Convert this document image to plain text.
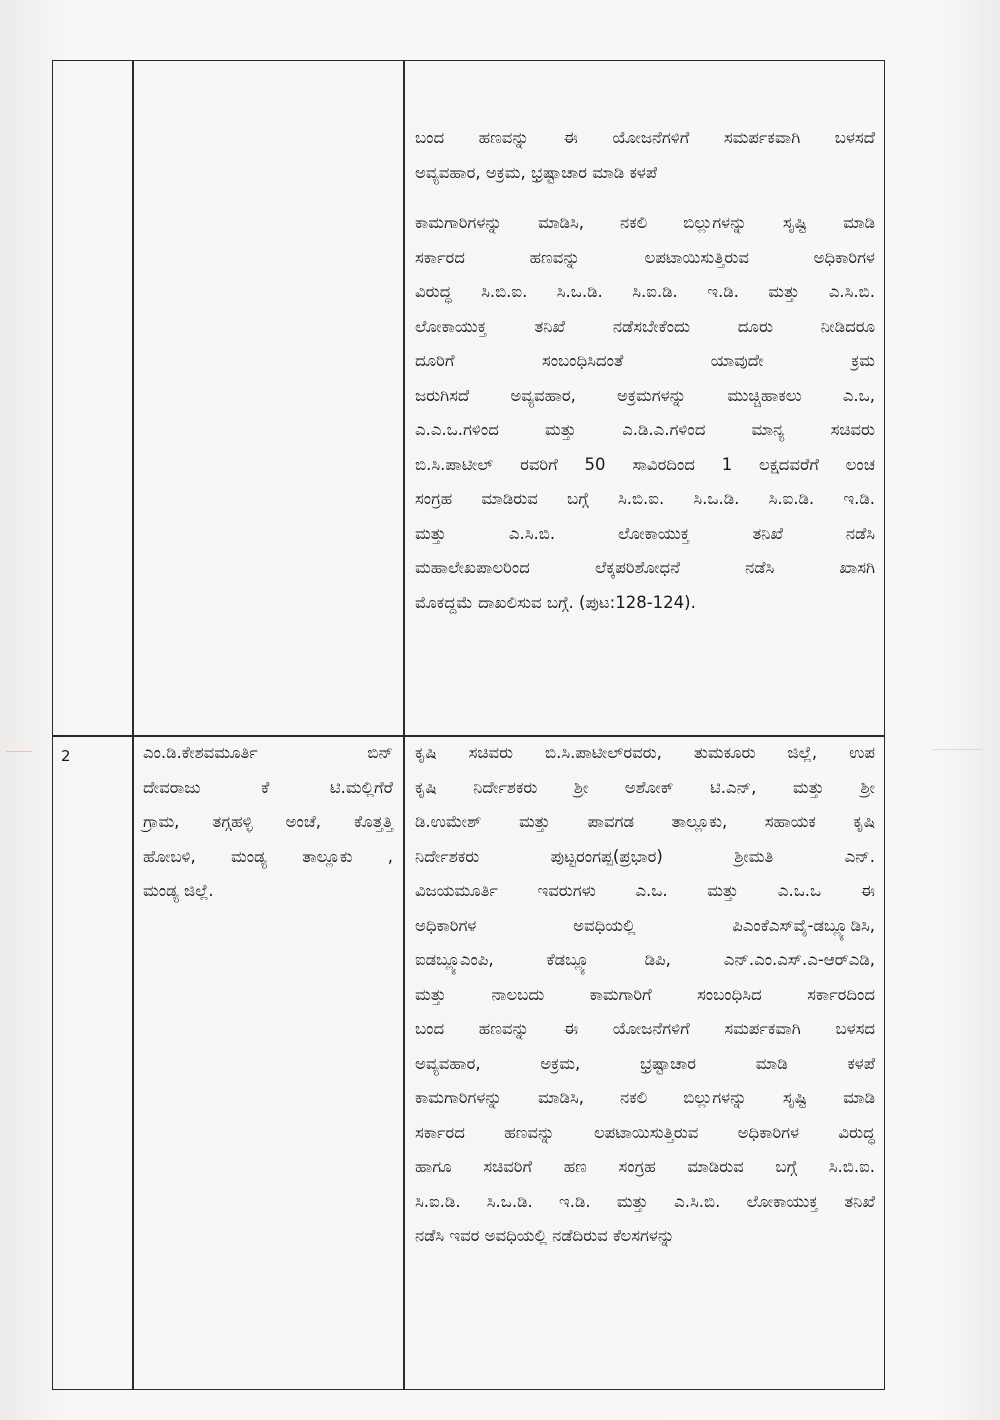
ಬಂದ ಹಣವನ್ನು ಈ ಯೋಜನೆಗಳಿಗೆ ಸಮರ್ಪಕವಾಗಿ ಬಳಸದೆ

ಅವ್ಯವಹಾರ, ಅಕ್ರಮ, ಭ್ರಷ್ಟಾಚಾರ ಮಾಡಿ ಕಳಪೆ

ಕಾಮಗಾರಿಗಳನ್ನು ಮಾಡಿಸಿ, ನಕಲಿ ಬಿಲ್ಲುಗಳನ್ನು ಸೃಷ್ಟಿ ಮಾಡಿ

ಸರ್ಕಾರದ ಹಣವನ್ನು ಲಪಟಾಯಿಸುತ್ತಿರುವ ಅಧಿಕಾರಿಗಳ

ವಿರುದ್ಧ ಸಿ.ಬಿ.ಐ. ಸಿ.ಒ.ಡಿ. ಸಿ.ಐ.ಡಿ. ಇ.ಡಿ. ಮತ್ತು ಎ.ಸಿ.ಬಿ.

ಲೋಕಾಯುಕ್ತ ತನಿಖೆ ನಡೆಸಬೇಕೆಂದು ದೂರು ನೀಡಿದರೂ

ದೂರಿಗೆ ಸಂಬಂಧಿಸಿದಂತೆ ಯಾವುದೇ ಕ್ರಮ

ಜರುಗಿಸದೆ ಅವ್ಯವಹಾರ, ಅಕ್ರಮಗಳನ್ನು ಮುಚ್ಚಿಹಾಕಲು ಎ.ಒ,

ಎ.ಎ.ಒ.ಗಳಿಂದ ಮತ್ತು ಎ.ಡಿ.ಎ.ಗಳಿಂದ ಮಾನ್ಯ ಸಚಿವರು

ಬಿ.ಸಿ.ಪಾಟೀಲ್ ರವರಿಗೆ 50 ಸಾವಿರದಿಂದ 1 ಲಕ್ಷದವರೆಗೆ ಲಂಚ

ಸಂಗ್ರಹ ಮಾಡಿರುವ ಬಗ್ಗೆ ಸಿ.ಬಿ.ಐ. ಸಿ.ಒ.ಡಿ. ಸಿ.ಐ.ಡಿ. ಇ.ಡಿ.

ಮತ್ತು ಎ.ಸಿ.ಬಿ. ಲೋಕಾಯುಕ್ತ ತನಿಖೆ ನಡೆಸಿ

ಮಹಾಲೇಖಪಾಲರಿಂದ ಲೆಕ್ಕಪರಿಶೋಧನೆ ನಡೆಸಿ ಖಾಸಗಿ

ಮೊಕದ್ದಮೆ ದಾಖಲಿಸುವ ಬಗ್ಗೆ. (ಪುಟ:128-124).

2	ಎಂ.ಡಿ.ಕೇಶವಮೂರ್ತಿ ಬಿನ್

ದೇವರಾಜು ಕೆ ಟಿ.ಮಲ್ಲಿಗೆರೆ

ಗ್ರಾಮ, ತಗ್ಗಹಳ್ಳಿ ಅಂಚೆ, ಕೊತ್ತತ್ತಿ

ಹೋಬಳಿ, ಮಂಡ್ಯ ತಾಲ್ಲೂಕು ,

ಮಂಡ್ಯ ಜಿಲ್ಲೆ.

ಕೃಷಿ ಸಚಿವರು ಬಿ.ಸಿ.ಪಾಟೀಲ್‌ರವರು, ತುಮಕೂರು ಜಿಲ್ಲೆ, ಉಪ

ಕೃಷಿ ನಿರ್ದೇಶಕರು ಶ್ರೀ ಅಶೋಕ್ ಟಿ.ಎನ್, ಮತ್ತು ಶ್ರೀ

ಡಿ.ಉಮೇಶ್ ಮತ್ತು ಪಾವಗಡ ತಾಲ್ಲೂಕು, ಸಹಾಯಕ ಕೃಷಿ

ನಿರ್ದೇಶಕರು ಪುಟ್ಟರಂಗಪ್ಪ(ಪ್ರಭಾರ) ಶ್ರೀಮತಿ ಎನ್.

ವಿಜಯಮೂರ್ತಿ ಇವರುಗಳು ಎ.ಒ. ಮತ್ತು ಎ.ಒ.ಒ ಈ

ಅಧಿಕಾರಿಗಳ ಅವಧಿಯಲ್ಲಿ ಪಿಎಂಕೆಎಸ್‌ವೈ-ಡಬ್ಲ್ಯೂಡಿಸಿ,

ಐಡಬ್ಲ್ಯೂಎಂಪಿ, ಕೆಡಬ್ಲ್ಯೂ ಡಿಪಿ, ಎನ್.ಎಂ.ಎಸ್.ಎ-ಆರ್‌ಎಡಿ,

ಮತ್ತು ನಾಲಬದು ಕಾಮಗಾರಿಗೆ ಸಂಬಂಧಿಸಿದ ಸರ್ಕಾರದಿಂದ

ಬಂದ ಹಣವನ್ನು ಈ ಯೋಜನೆಗಳಿಗೆ ಸಮರ್ಪಕವಾಗಿ ಬಳಸದ

ಅವ್ಯವಹಾರ, ಅಕ್ರಮ, ಭ್ರಷ್ಟಾಚಾರ ಮಾಡಿ ಕಳಪೆ

ಕಾಮಗಾರಿಗಳನ್ನು ಮಾಡಿಸಿ, ನಕಲಿ ಬಿಲ್ಲುಗಳನ್ನು ಸೃಷ್ಟಿ ಮಾಡಿ

ಸರ್ಕಾರದ ಹಣವನ್ನು ಲಪಟಾಯಿಸುತ್ತಿರುವ ಅಧಿಕಾರಿಗಳ ವಿರುದ್ಧ

ಹಾಗೂ ಸಚಿವರಿಗೆ ಹಣ ಸಂಗ್ರಹ ಮಾಡಿರುವ ಬಗ್ಗೆ ಸಿ.ಬಿ.ಐ.

ಸಿ.ಐ.ಡಿ. ಸಿ.ಒ.ಡಿ. ಇ.ಡಿ. ಮತ್ತು ಎ.ಸಿ.ಬಿ. ಲೋಕಾಯುಕ್ತ ತನಿಖೆ

ನಡೆಸಿ ಇವರ ಅವಧಿಯಲ್ಲಿ ನಡೆದಿರುವ ಕೆಲಸಗಳನ್ನು
